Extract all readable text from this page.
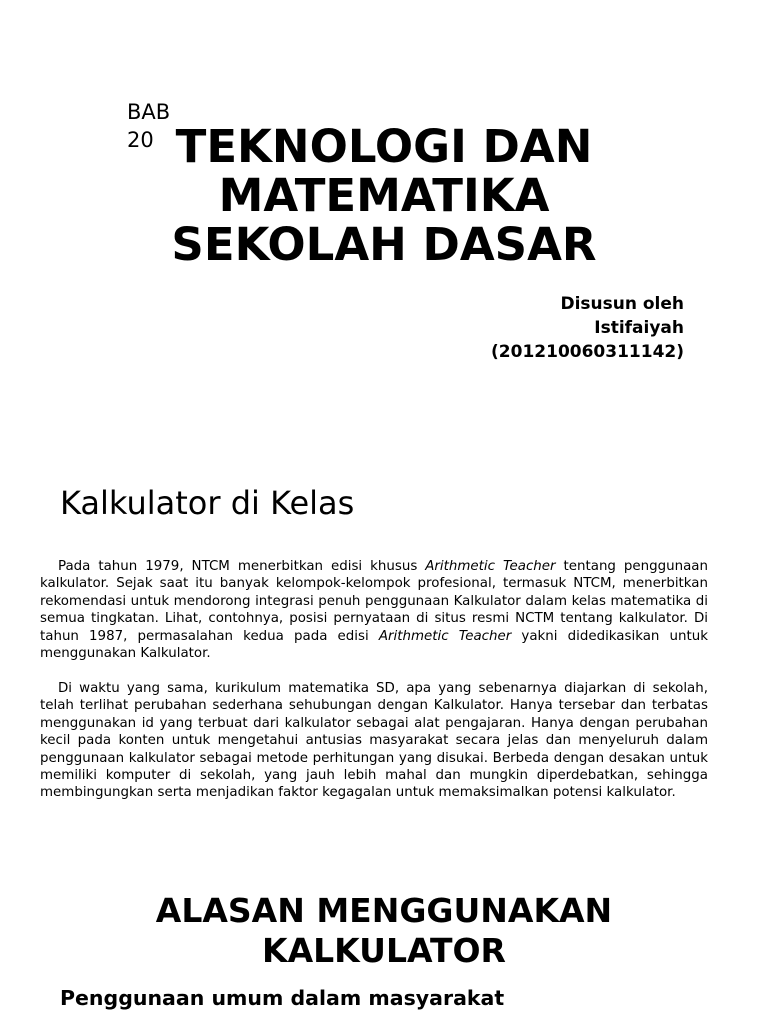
BAB 20 TEKNOLOGI DAN MATEMATIKA SEKOLAH DASAR
Disusun oleh
Istifaiyah
(201210060311142)
Kalkulator di Kelas

Pada tahun 1979, NTCM menerbitkan edisi khusus Arithmetic Teacher tentang penggunaan kalkulator. Sejak saat itu banyak kelompok-kelompok profesional, termasuk NTCM, menerbitkan rekomendasi untuk mendorong integrasi penuh penggunaan Kalkulator dalam kelas matematika di semua tingkatan. Lihat, contohnya, posisi pernyataan di situs resmi NCTM tentang kalkulator. Di tahun 1987, permasalahan kedua pada edisi Arithmetic Teacher yakni didedikasikan untuk menggunakan Kalkulator.

Di waktu yang sama, kurikulum matematika SD, apa yang sebenarnya diajarkan di sekolah, telah terlihat perubahan sederhana sehubungan dengan Kalkulator. Hanya tersebar dan terbatas menggunakan id yang terbuat dari kalkulator sebagai alat pengajaran. Hanya dengan perubahan kecil pada konten untuk mengetahui antusias masyarakat secara jelas dan menyeluruh dalam penggunaan kalkulator sebagai metode perhitungan yang disukai. Berbeda dengan desakan untuk memiliki komputer di sekolah, yang jauh lebih mahal dan mungkin diperdebatkan, sehingga membingungkan serta menjadikan faktor kegagalan untuk memaksimalkan potensi kalkulator.

ALASAN MENGGUNAKAN
KALKULATOR
Penggunaan umum dalam masyarakat
